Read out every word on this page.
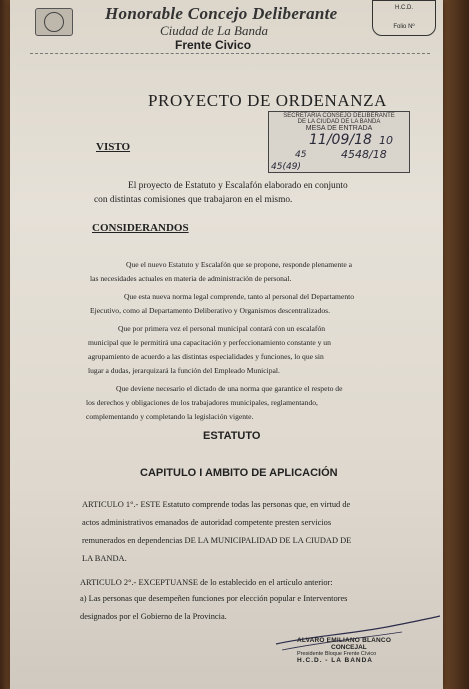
Honorable Concejo Deliberante
Ciudad de La Banda
Frente Civico
H.C.D.
Folio Nº
PROYECTO DE ORDENANZA
SECRETARIA CONSEJO DELIBERANTE
DE LA CIUDAD DE LA BANDA
MESA DE ENTRADA
11/09/18 10
45	4548/18
45(49)
VISTO
El proyecto de Estatuto y Escalafón elaborado en conjunto
con distintas comisiones que trabajaron en el mismo.
CONSIDERANDOS
Que el nuevo Estatuto y Escalafón que se propone, responde plenamente a
las necesidades actuales en materia de administración de personal.
Que esta nueva norma legal comprende, tanto al personal del Departamento
Ejecutivo, como al Departamento Deliberativo y Organismos descentralizados.
Que por primera vez el personal municipal contará con un escalafón
municipal que le permitirá una capacitación y perfeccionamiento constante y un
agrupamiento de acuerdo a las distintas especialidades y funciones, lo que sin
lugar a dudas, jerarquizará la función del Empleado Municipal.
Que deviene necesario el dictado de una norma que garantice el respeto de
los derechos y obligaciones de los trabajadores municipales, reglamentando,
complementando y completando la legislación vigente.
ESTATUTO
CAPITULO I AMBITO DE APLICACIÓN
ARTICULO 1°.- ESTE Estatuto comprende todas las personas que, en virtud de
actos administrativos emanados de autoridad competente presten servicios
remunerados en dependencias DE LA MUNICIPALIDAD DE LA CIUDAD DE
LA BANDA.
ARTICULO 2°.- EXCEPTUANSE de lo establecido en el artículo anterior:
a) Las personas que desempeñen funciones por elección popular e Interventores
designados por el Gobierno de la Provincia.
ALVARO EMILIANO BLANCO
CONCEJAL
Presidente Bloque Frente Cívico
H.C.D. - LA BANDA
